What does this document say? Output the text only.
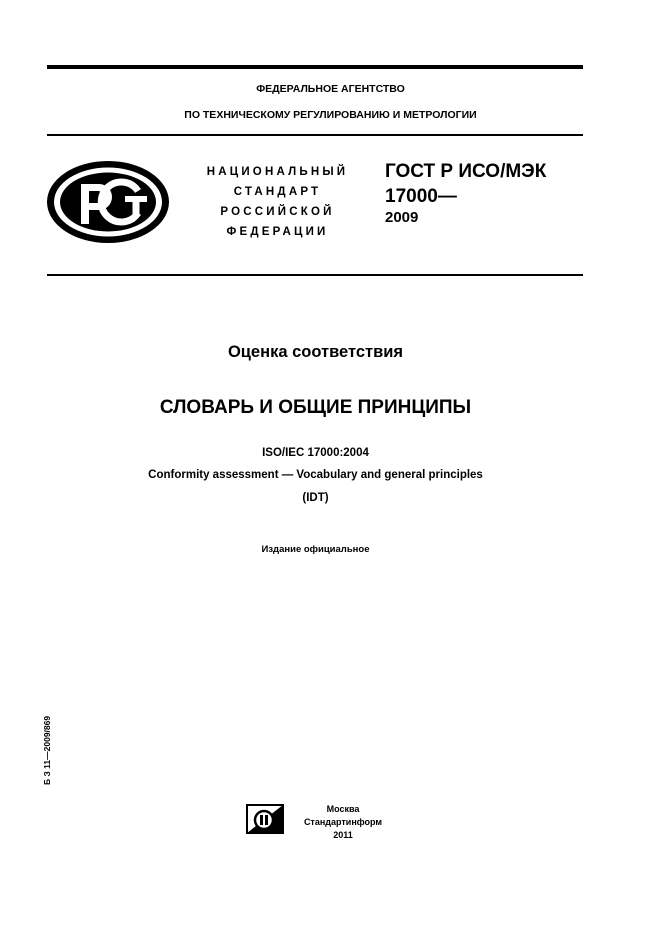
ФЕДЕРАЛЬНОЕ АГЕНТСТВО
ПО ТЕХНИЧЕСКОМУ РЕГУЛИРОВАНИЮ И МЕТРОЛОГИИ
НАЦИОНАЛЬНЫЙ
СТАНДАРТ
РОССИЙСКОЙ
ФЕДЕРАЦИИ
ГОСТ Р ИСО/МЭК
17000—
2009
Оценка соответствия
СЛОВАРЬ И ОБЩИЕ ПРИНЦИПЫ
ISO/IEC 17000:2004
Conformity assessment — Vocabulary and general principles
(IDT)
Издание официальное
Б З 11—2009/869
Москва
Стандартинформ
2011
